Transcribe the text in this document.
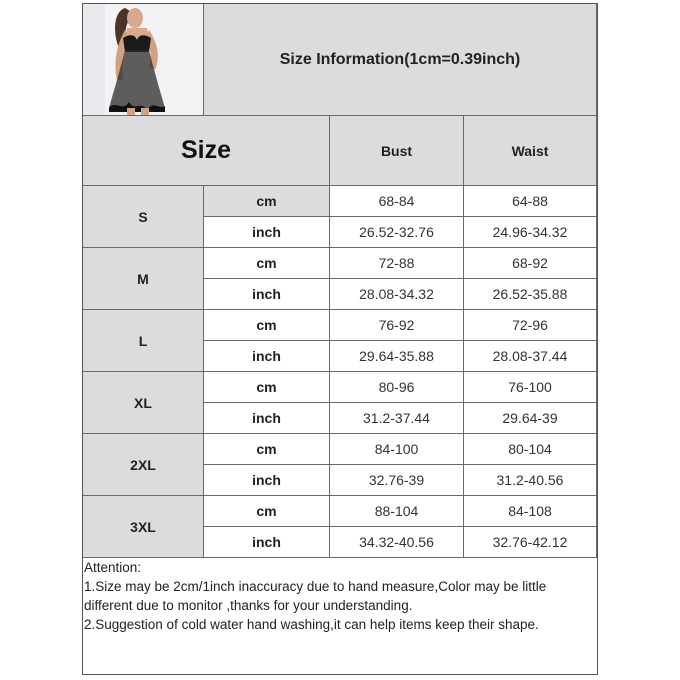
Size Information(1cm=0.39inch)
Size	Bust	Waist
S
cm	68-84	64-88
inch	26.52-32.76	24.96-34.32
M
cm	72-88	68-92
inch	28.08-34.32	26.52-35.88
L
cm	76-92	72-96
inch	29.64-35.88	28.08-37.44
XL
cm	80-96	76-100
inch	31.2-37.44	29.64-39
2XL
cm	84-100	80-104
inch	32.76-39	31.2-40.56
3XL
cm	88-104	84-108
inch	34.32-40.56	32.76-42.12
Attention:
1.Size may be 2cm/1inch inaccuracy due to hand measure,Color may be little
different due to monitor ,thanks for your understanding.
2.Suggestion of cold water hand washing,it can help items keep their shape.
